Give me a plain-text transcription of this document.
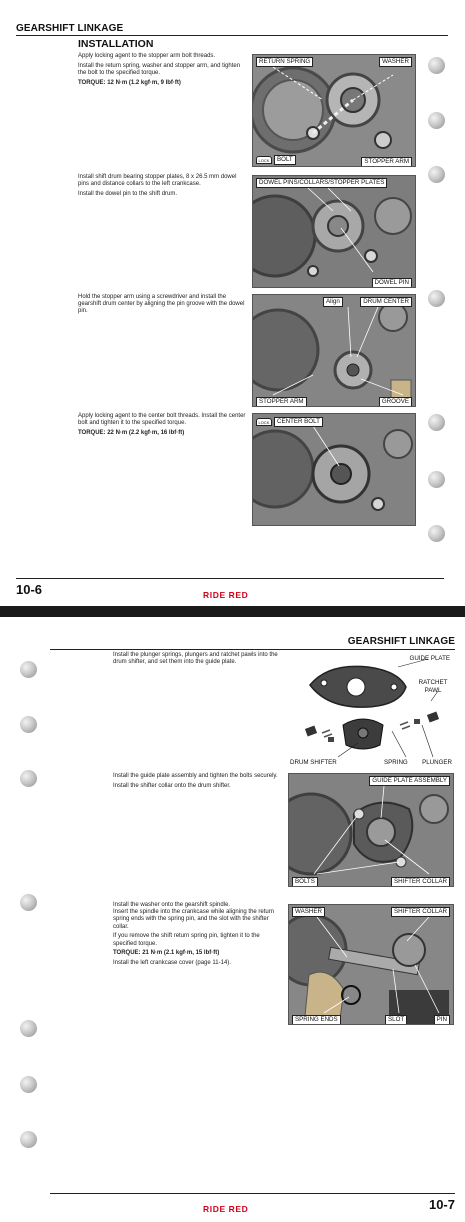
GEARSHIFT LINKAGE
INSTALLATION

Apply locking agent to the stopper arm bolt threads.

Install the return spring, washer and stopper arm, and tighten the bolt to the specified torque.

TORQUE: 12 N·m (1.2 kgf·m, 9 lbf·ft)

RETURN SPRING	WASHER
LOCK	BOLT	STOPPER ARM

Install shift drum bearing stopper plates, 8 x 26.5 mm dowel pins and distance collars to the left crankcase.

Install the dowel pin to the shift drum.

DOWEL PINS/COLLARS/STOPPER PLATES
DOWEL PIN

Hold the stopper arm using a screwdriver and install the gearshift drum center by aligning the pin groove with the dowel pin.

Align	DRUM CENTER
STOPPER ARM	GROOVE

Apply locking agent to the center bolt threads. Install the center bolt and tighten it to the specified torque.

TORQUE: 22 N·m (2.2 kgf·m, 16 lbf·ft)

LOCK	CENTER BOLT
10-6	RIDE RED
GEARSHIFT LINKAGE

Install the plunger springs, plungers and ratchet pawls into the drum shifter, and set them into the guide plate.

GUIDE PLATE
RATCHET PAWL
DRUM SHIFTER	SPRING PLUNGER

Install the guide plate assembly and tighten the bolts securely.

Install the shifter collar onto the drum shifter.

GUIDE PLATE ASSEMBLY
BOLTS	SHIFTER COLLAR

Install the washer onto the gearshift spindle.

Insert the spindle into the crankcase while aligning the return spring ends with the spring pin, and the slot with the shifter collar.

If you remove the shift return spring pin, tighten it to the specified torque.

TORQUE: 21 N·m (2.1 kgf·m, 15 lbf·ft)

Install the left crankcase cover (page 11-14).

WASHER	SHIFTER COLLAR
SPRING ENDS	SLOT	PIN
10-7
RIDE RED
